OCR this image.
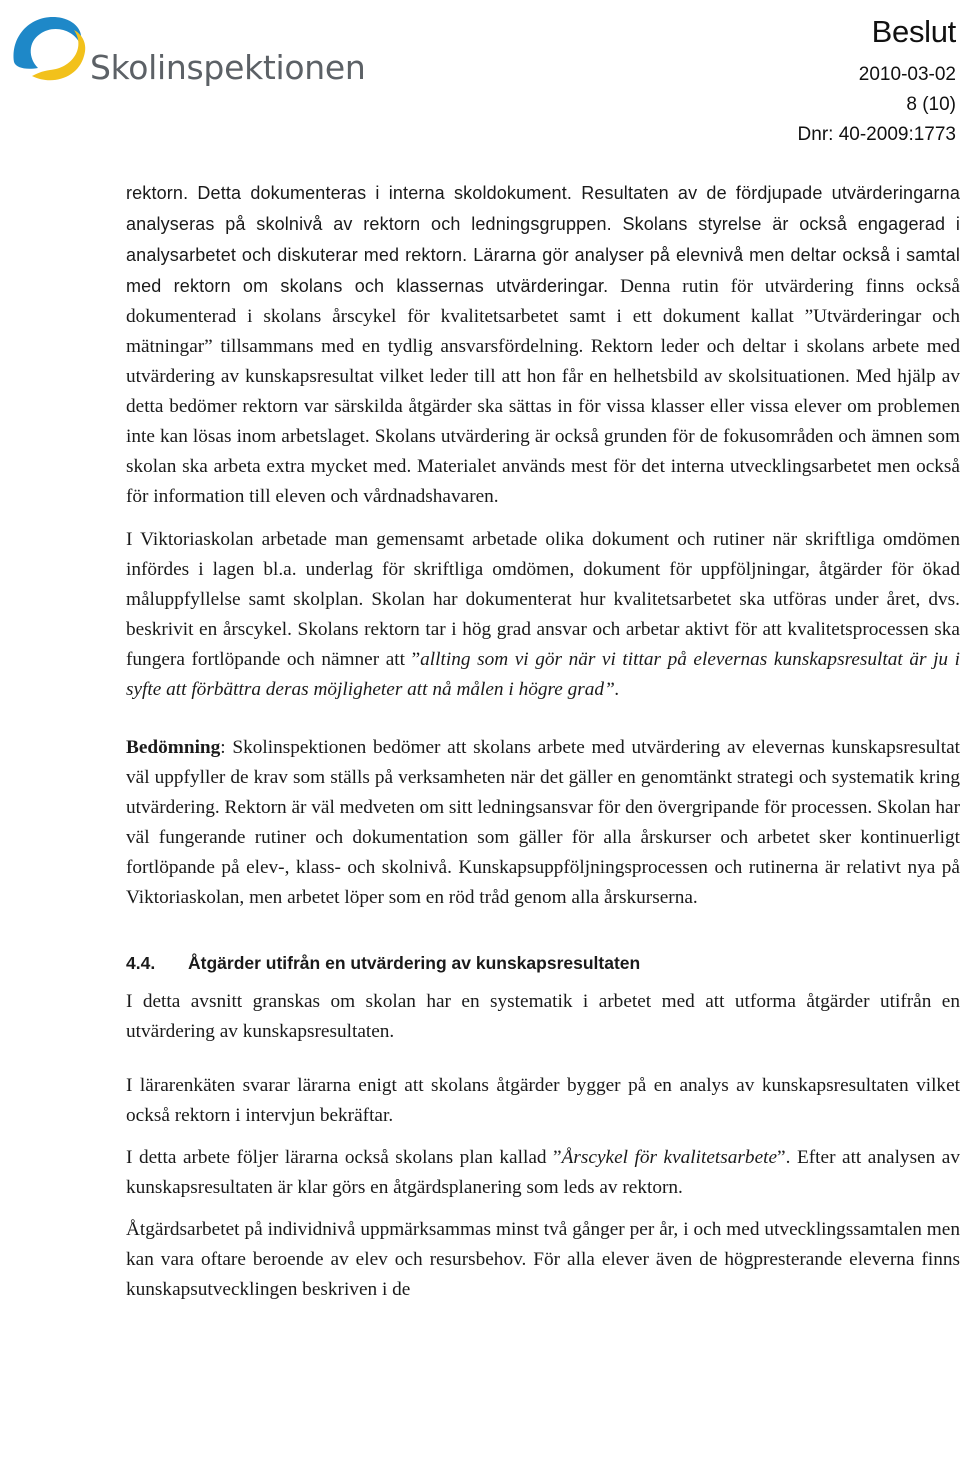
Skolinspektionen
Beslut
2010-03-02
8 (10)
Dnr: 40-2009:1773

rektorn. Detta dokumenteras i interna skoldokument. Resultaten av de fördjupade utvärderingarna analyseras på skolnivå av rektorn och ledningsgruppen. Skolans styrelse är också engagerad i analysarbetet och diskuterar med rektorn. Lärarna gör analyser på elevnivå men deltar också i samtal med rektorn om skolans och klassernas utvärderingar. Denna rutin för utvärdering finns också dokumenterad i skolans årscykel för kvalitetsarbetet samt i ett dokument kallat ”Utvärderingar och mätningar” tillsammans med en tydlig ansvarsfördelning. Rektorn leder och deltar i skolans arbete med utvärdering av kunskapsresultat vilket leder till att hon får en helhetsbild av skolsituationen. Med hjälp av detta bedömer rektorn var särskilda åtgärder ska sättas in för vissa klasser eller vissa elever om problemen inte kan lösas inom arbetslaget. Skolans utvärdering är också grunden för de fokusområden och ämnen som skolan ska arbeta extra mycket med. Materialet används mest för det interna utvecklingsarbetet men också för information till eleven och vårdnadshavaren.

I Viktoriaskolan arbetade man gemensamt arbetade olika dokument och rutiner när skriftliga omdömen infördes i lagen bl.a. underlag för skriftliga omdömen, dokument för uppföljningar, åtgärder för ökad måluppfyllelse samt skolplan. Skolan har dokumenterat hur kvalitetsarbetet ska utföras under året, dvs. beskrivit en årscykel. Skolans rektorn tar i hög grad ansvar och arbetar aktivt för att kvalitetsprocessen ska fungera fortlöpande och nämner att ”allting som vi gör när vi tittar på elevernas kunskapsresultat är ju i syfte att förbättra deras möjligheter att nå målen i högre grad”.

Bedömning: Skolinspektionen bedömer att skolans arbete med utvärdering av elevernas kunskapsresultat väl uppfyller de krav som ställs på verksamheten när det gäller en genomtänkt strategi och systematik kring utvärdering. Rektorn är väl medveten om sitt ledningsansvar för den övergripande för processen. Skolan har väl fungerande rutiner och dokumentation som gäller för alla årskurser och arbetet sker kontinuerligt fortlöpande på elev-, klass- och skolnivå. Kunskapsuppföljningsprocessen och rutinerna är relativt nya på Viktoriaskolan, men arbetet löper som en röd tråd genom alla årskurserna.

4.4. Åtgärder utifrån en utvärdering av kunskapsresultaten

I detta avsnitt granskas om skolan har en systematik i arbetet med att utforma åtgärder utifrån en utvärdering av kunskapsresultaten.

I lärarenkäten svarar lärarna enigt att skolans åtgärder bygger på en analys av kunskapsresultaten vilket också rektorn i intervjun bekräftar.

I detta arbete följer lärarna också skolans plan kallad ”Årscykel för kvalitetsarbete”. Efter att analysen av kunskapsresultaten är klar görs en åtgärdsplanering som leds av rektorn.

Åtgärdsarbetet på individnivå uppmärksammas minst två gånger per år, i och med utvecklingssamtalen men kan vara oftare beroende av elev och resursbehov. För alla elever även de högpresterande eleverna finns kunskapsutvecklingen beskriven i de
